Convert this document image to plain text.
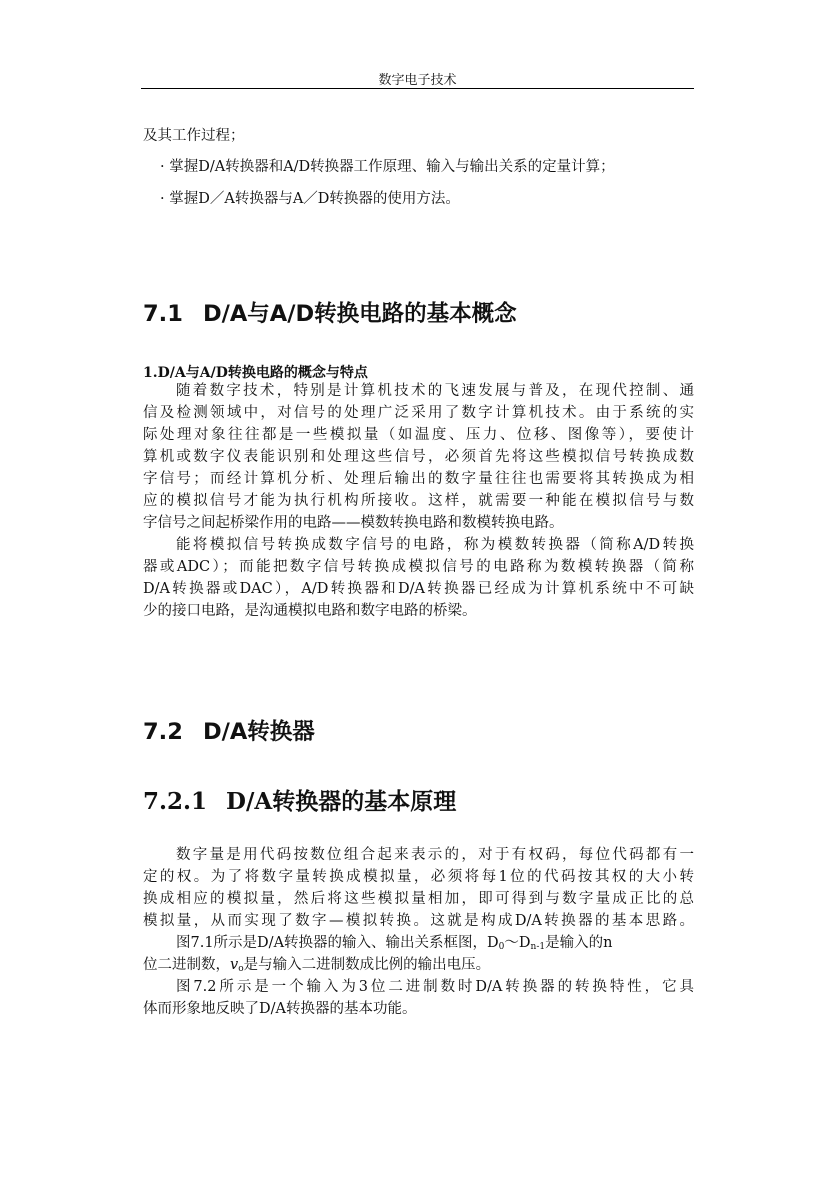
数字电子技术
及其工作过程；
· 掌握D/A转换器和A/D转换器工作原理、输入与输出关系的定量计算；
· 掌握D／A转换器与A／D转换器的使用方法。
7.1 D/A与A/D转换电路的基本概念
1.D/A与A/D转换电路的概念与特点
随着数字技术，特别是计算机技术的飞速发展与普及，在现代控制、通
信及检测领域中，对信号的处理广泛采用了数字计算机技术。由于系统的实
际处理对象往往都是一些模拟量（如温度、压力、位移、图像等），要使计
算机或数字仪表能识别和处理这些信号，必须首先将这些模拟信号转换成数
字信号；而经计算机分析、处理后输出的数字量往往也需要将其转换成为相
应的模拟信号才能为执行机构所接收。这样，就需要一种能在模拟信号与数
字信号之间起桥梁作用的电路——模数转换电路和数模转换电路。
能将模拟信号转换成数字信号的电路，称为模数转换器（简称A/D转换
器或ADC）；而能把数字信号转换成模拟信号的电路称为数模转换器（简称
D/A转换器或DAC），A/D转换器和D/A转换器已经成为计算机系统中不可缺
少的接口电路，是沟通模拟电路和数字电路的桥梁。
7.2 D/A转换器
7.2.1 D/A转换器的基本原理
数字量是用代码按数位组合起来表示的，对于有权码，每位代码都有一
定的权。为了将数字量转换成模拟量，必须将每1位的代码按其权的大小转
换成相应的模拟量，然后将这些模拟量相加，即可得到与数字量成正比的总
模拟量，从而实现了数字—模拟转换。这就是构成D/A转换器的基本思路。
图7.1所示是D/A转换器的输入、输出关系框图，$D_0\sim D_{n-1}$是输入的n
位二进制数，$v_o$是与输入二进制数成比例的输出电压。
图7.2所示是一个输入为3位二进制数时D/A转换器的转换特性，它具
体而形象地反映了D/A转换器的基本功能。
